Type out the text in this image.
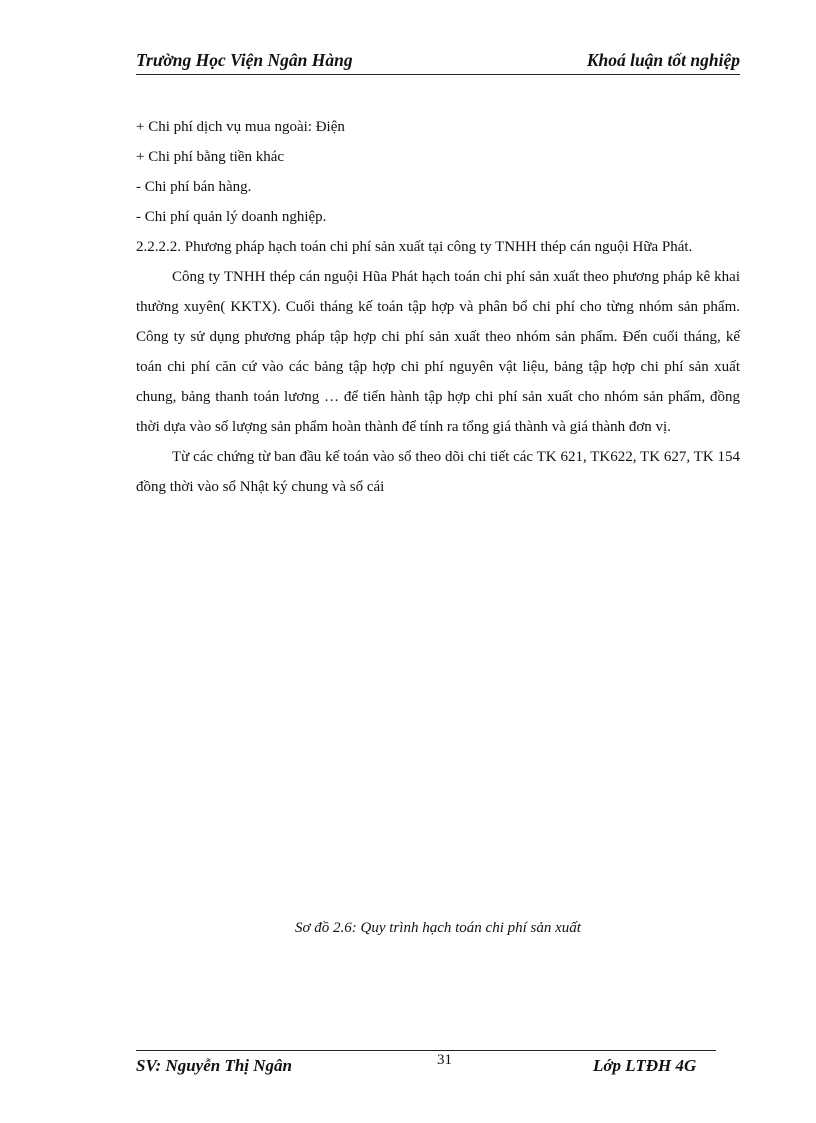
Trường Học Viện Ngân Hàng	Khoá luận tốt nghiệp

+ Chi phí dịch vụ mua ngoài: Điện

+ Chi phí bằng tiền khác

- Chi phí bán hàng.

- Chi phí quản lý doanh nghiệp.

2.2.2.2. Phương pháp hạch toán chi phí sản xuất tại công ty TNHH thép cán nguội Hữa Phát.

Công ty TNHH thép cán nguội Hũa Phát hạch toán chi phí sản xuất theo phương pháp kê khai thường xuyên( KKTX). Cuối tháng kế toán tập hợp và phân bổ chi phí cho từng nhóm sản phẩm. Công ty sử dụng phương pháp tập hợp chi phí sản xuất theo nhóm sản phẩm. Đến cuối tháng, kế toán chi phí căn cứ vào các bảng tập hợp chi phí nguyên vật liệu, bảng tập hợp chi phí sản xuất chung, bảng thanh toán lương … để tiến hành tập hợp chi phí sản xuất cho nhóm sản phẩm, đồng thời dựa vào số lượng sản phẩm hoàn thành để tính ra tổng giá thành và giá thành đơn vị.

Từ các chứng từ ban đầu kế toán vào sổ theo dõi chi tiết các TK 621, TK622, TK 627, TK 154 đồng thời vào sổ Nhật ký chung và sổ cái

Sơ đồ 2.6: Quy trình hạch toán chi phí sản xuất
SV: Nguyễn Thị Ngân	31	Lớp LTĐH 4G
